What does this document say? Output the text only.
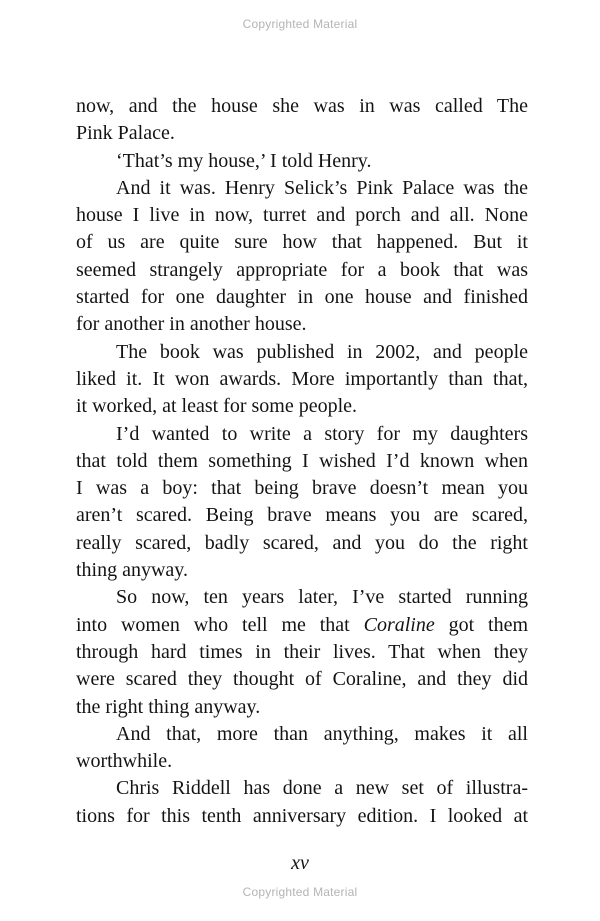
Copyrighted Material
now, and the house she was in was called The
Pink Palace.
‘That’s my house,’ I told Henry.
And it was. Henry Selick’s Pink Palace was the
house I live in now, turret and porch and all. None
of us are quite sure how that happened. But it
seemed strangely appropriate for a book that was
started for one daughter in one house and finished
for another in another house.
The book was published in 2002, and people
liked it. It won awards. More importantly than that,
it worked, at least for some people.
I’d wanted to write a story for my daughters
that told them something I wished I’d known when
I was a boy: that being brave doesn’t mean you
aren’t scared. Being brave means you are scared,
really scared, badly scared, and you do the right
thing anyway.
So now, ten years later, I’ve started running
into women who tell me that Coraline got them
through hard times in their lives. That when they
were scared they thought of Coraline, and they did
the right thing anyway.
And that, more than anything, makes it all
worthwhile.
Chris Riddell has done a new set of illustra-
tions for this tenth anniversary edition. I looked at
xv
Copyrighted Material
